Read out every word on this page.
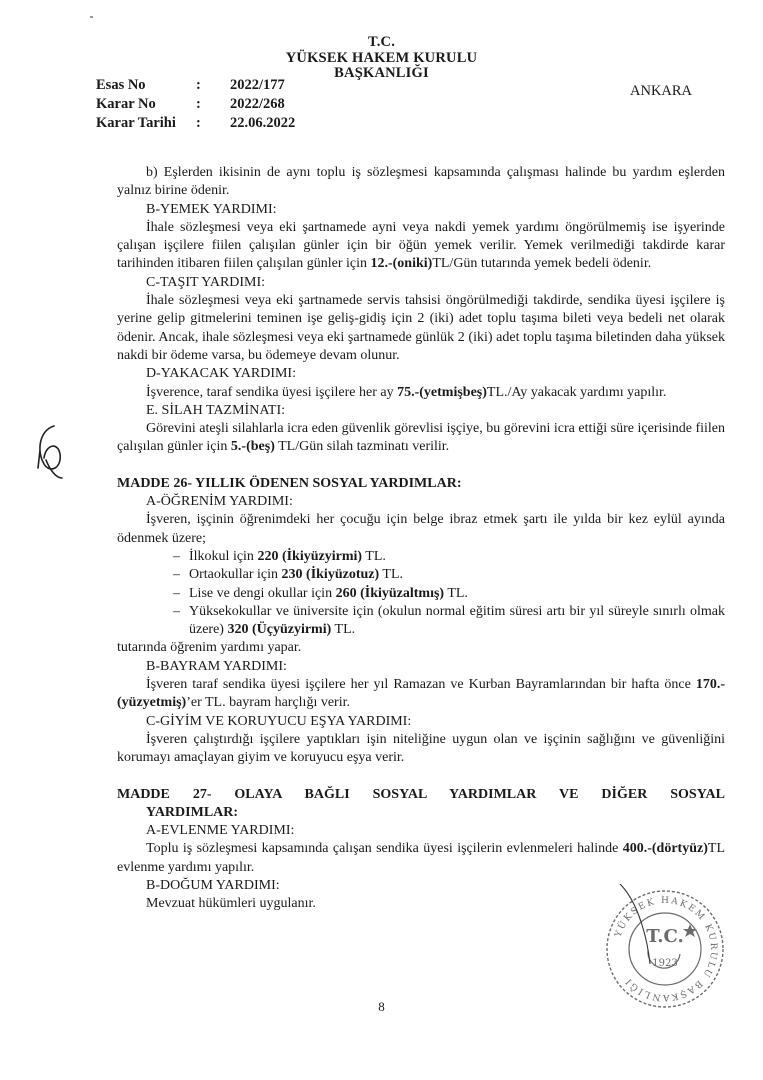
T.C.
YÜKSEK HAKEM KURULU
BAŞKANLIĞI
Esas No	:	2022/177
Karar No	:	2022/268
Karar Tarihi	:	22.06.2022
ANKARA

b) Eşlerden ikisinin de aynı toplu iş sözleşmesi kapsamında çalışması halinde bu yardım eşlerden yalnız birine ödenir.

B-YEMEK YARDIMI:

İhale sözleşmesi veya eki şartnamede ayni veya nakdi yemek yardımı öngörülmemiş ise işyerinde çalışan işçilere fiilen çalışılan günler için bir öğün yemek verilir. Yemek verilmediği takdirde karar tarihinden itibaren fiilen çalışılan günler için 12.-(oniki)TL/Gün tutarında yemek bedeli ödenir.

C-TAŞIT YARDIMI:

İhale sözleşmesi veya eki şartnamede servis tahsisi öngörülmediği takdirde, sendika üyesi işçilere iş yerine gelip gitmelerini teminen işe geliş-gidiş için 2 (iki) adet toplu taşıma bileti veya bedeli net olarak ödenir. Ancak, ihale sözleşmesi veya eki şartnamede günlük 2 (iki) adet toplu taşıma biletinden daha yüksek nakdi bir ödeme varsa, bu ödemeye devam olunur.

D-YAKACAK YARDIMI:

İşverence, taraf sendika üyesi işçilere her ay 75.-(yetmişbeş)TL./Ay yakacak yardımı yapılır.

E. SİLAH TAZMİNATI:

Görevini ateşli silahlarla icra eden güvenlik görevlisi işçiye, bu görevini icra ettiği süre içerisinde fiilen çalışılan günler için 5.-(beş) TL/Gün silah tazminatı verilir.

MADDE 26- YILLIK ÖDENEN SOSYAL YARDIMLAR:

A-ÖĞRENİM YARDIMI:

İşveren, işçinin öğrenimdeki her çocuğu için belge ibraz etmek şartı ile yılda bir kez eylül ayında ödenmek üzere;

– İlkokul için 220 (İkiyüzyirmi) TL.
– Ortaokullar için 230 (İkiyüzotuz) TL.
– Lise ve dengi okullar için 260 (İkiyüzaltmış) TL.
– Yüksekokullar ve üniversite için (okulun normal eğitim süresi artı bir yıl süreyle sınırlı olmak üzere) 320 (Üçyüzyirmi) TL.

tutarında öğrenim yardımı yapar.

B-BAYRAM YARDIMI:

İşveren taraf sendika üyesi işçilere her yıl Ramazan ve Kurban Bayramlarından bir hafta önce 170.-(yüzyetmiş)’er TL. bayram harçlığı verir.

C-GİYİM VE KORUYUCU EŞYA YARDIMI:

İşveren çalıştırdığı işçilere yaptıkları işin niteliğine uygun olan ve işçinin sağlığını ve güvenliğini korumayı amaçlayan giyim ve koruyucu eşya verir.

MADDE 27- OLAYA BAĞLI SOSYAL YARDIMLAR VE DİĞER SOSYAL

YARDIMLAR:

A-EVLENME YARDIMI:

Toplu iş sözleşmesi kapsamında çalışan sendika üyesi işçilerin evlenmeleri halinde 400.-(dörtyüz)TL evlenme yardımı yapılır.

B-DOĞUM YARDIMI:

Mevzuat hükümleri uygulanır.

YÜKSEK HAKEM KURULU BAŞKANLIĞI
T.C.
1923
8
